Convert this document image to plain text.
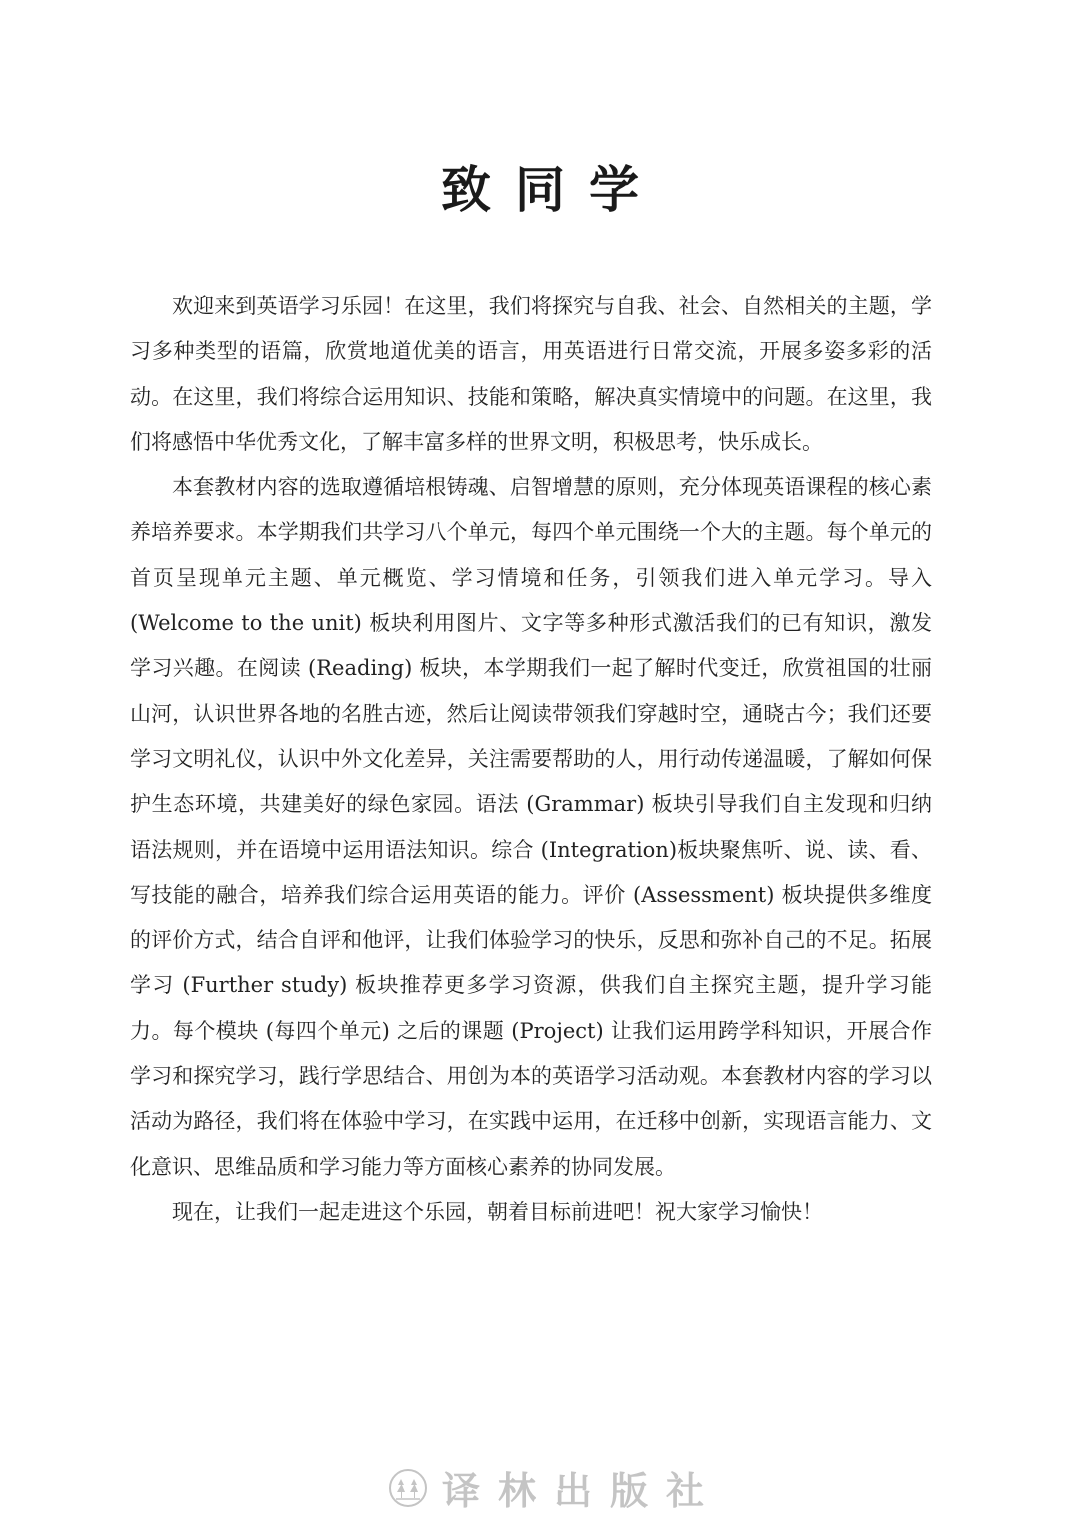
致同学

欢迎来到英语学习乐园！在这里，我们将探究与自我、社会、自然相关的主题，学习多种类型的语篇，欣赏地道优美的语言，用英语进行日常交流，开展多姿多彩的活动。在这里，我们将综合运用知识、技能和策略，解决真实情境中的问题。在这里，我们将感悟中华优秀文化，了解丰富多样的世界文明，积极思考，快乐成长。

本套教材内容的选取遵循培根铸魂、启智增慧的原则，充分体现英语课程的核心素养培养要求。本学期我们共学习八个单元，每四个单元围绕一个大的主题。每个单元的首页呈现单元主题、单元概览、学习情境和任务，引领我们进入单元学习。导入 (Welcome to the unit) 板块利用图片、文字等多种形式激活我们的已有知识，激发学习兴趣。在阅读 (Reading) 板块，本学期我们一起了解时代变迁，欣赏祖国的壮丽山河，认识世界各地的名胜古迹，然后让阅读带领我们穿越时空，通晓古今；我们还要学习文明礼仪，认识中外文化差异，关注需要帮助的人，用行动传递温暖，了解如何保护生态环境，共建美好的绿色家园。语法 (Grammar) 板块引导我们自主发现和归纳语法规则，并在语境中运用语法知识。综合 (Integration)板块聚焦听、说、读、看、写技能的融合，培养我们综合运用英语的能力。评价 (Assessment) 板块提供多维度的评价方式，结合自评和他评，让我们体验学习的快乐，反思和弥补自己的不足。拓展学习 (Further study) 板块推荐更多学习资源，供我们自主探究主题，提升学习能力。每个模块 (每四个单元) 之后的课题 (Project) 让我们运用跨学科知识，开展合作学习和探究学习，践行学思结合、用创为本的英语学习活动观。本套教材内容的学习以活动为路径，我们将在体验中学习，在实践中运用，在迁移中创新，实现语言能力、文化意识、思维品质和学习能力等方面核心素养的协同发展。

现在，让我们一起走进这个乐园，朝着目标前进吧！祝大家学习愉快！

译林出版社
